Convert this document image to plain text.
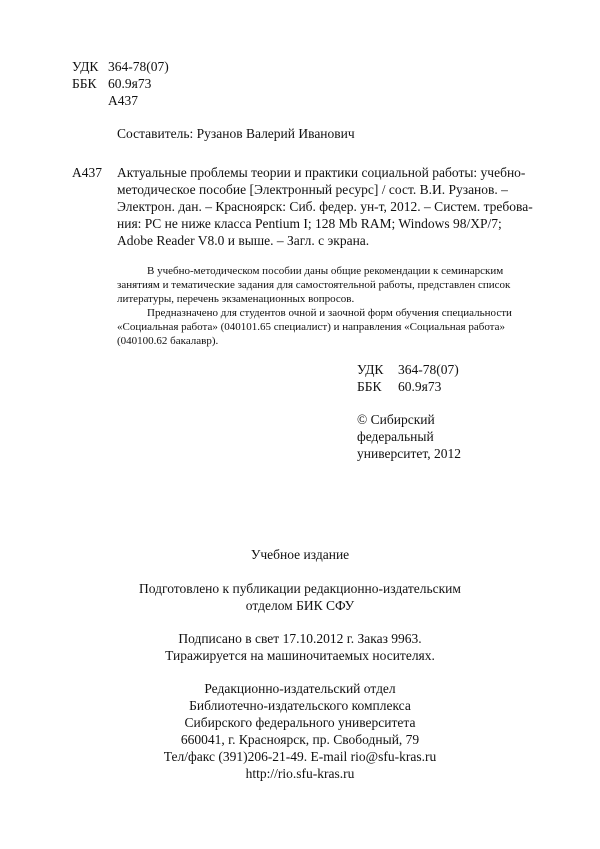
УДК 364-78(07)
ББК 60.9я73
А437
Составитель: Рузанов Валерий Иванович
А437 Актуальные проблемы теории и практики социальной работы: учебно-
методическое пособие [Электронный ресурс] / сост. В.И. Рузанов. –
Электрон. дан. – Красноярск: Сиб. федер. ун-т, 2012. – Систем. требова-
ния: PC не ниже класса Pentium I; 128 Mb RAM; Windows 98/XP/7;
Adobe Reader V8.0 и выше. – Загл. с экрана.
В учебно-методическом пособии даны общие рекомендации к семинарским
занятиям и тематические задания для самостоятельной работы, представлен список
литературы, перечень экзаменационных вопросов.
Предназначено для студентов очной и заочной форм обучения специальности
«Социальная работа» (040101.65 специалист) и направления «Социальная работа»
(040100.62 бакалавр).
УДК 364-78(07)
ББК 60.9я73
© Сибирский
федеральный
университет, 2012
Учебное издание
Подготовлено к публикации редакционно-издательским
отделом БИК СФУ
Подписано в свет 17.10.2012 г. Заказ 9963.
Тиражируется на машиночитаемых носителях.
Редакционно-издательский отдел
Библиотечно-издательского комплекса
Сибирского федерального университета
660041, г. Красноярск, пр. Свободный, 79
Тел/факс (391)206-21-49. E-mail rio@sfu-kras.ru
http://rio.sfu-kras.ru
